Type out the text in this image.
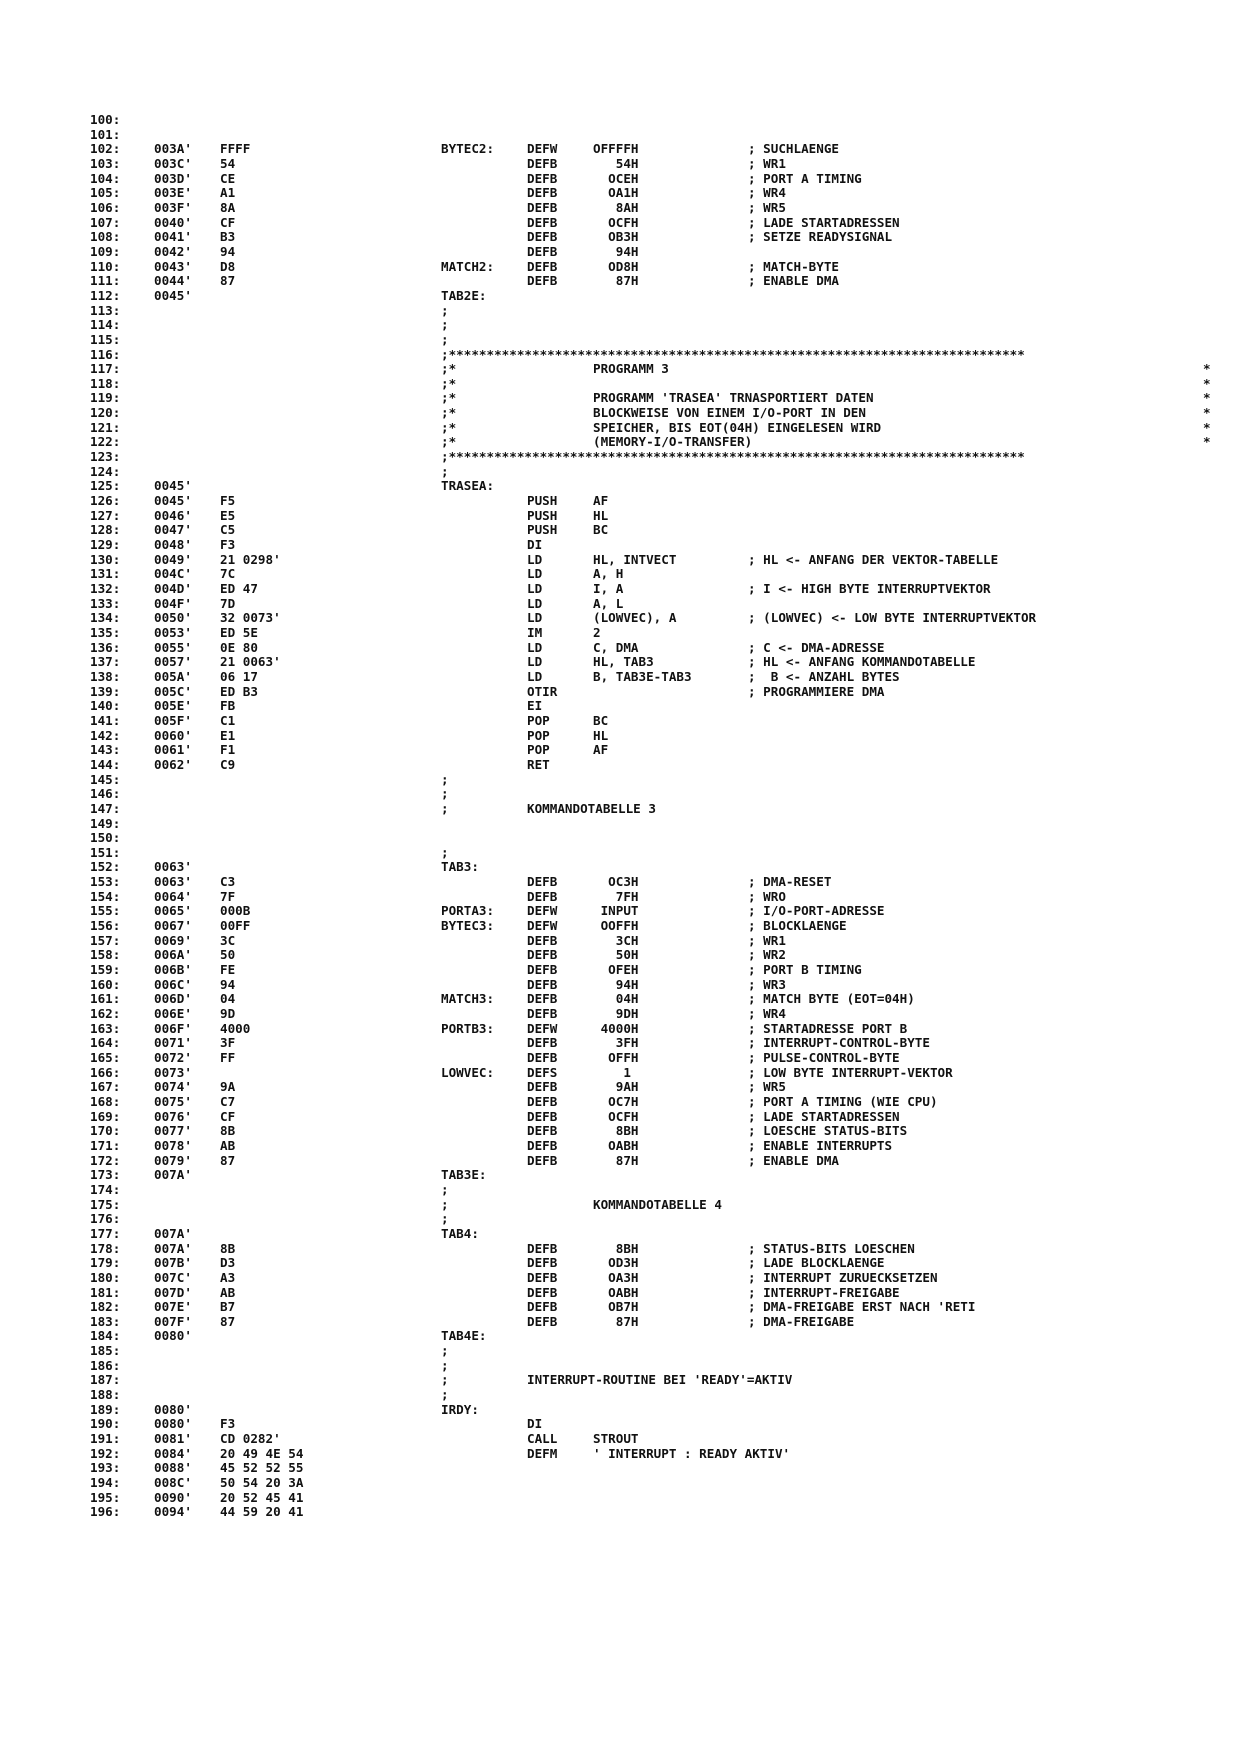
100:
101:
102:	003A' FFFF	BYTEC2:	DEFW	OFFFFH	; SUCHLAENGE
103:	003C' 54	DEFB	54H	; WR1
104:	003D' CE	DEFB	OCEH	; PORT A TIMING
105:	003E' A1	DEFB	OA1H	; WR4
106:	003F' 8A	DEFB	8AH	; WR5
107:	0040' CF	DEFB	OCFH	; LADE STARTADRESSEN
108:	0041' B3	DEFB	OB3H	; SETZE READYSIGNAL
109:	0042' 94	DEFB	94H
110:	0043' D8	MATCH2:	DEFB	OD8H	; MATCH-BYTE
111:	0044' 87	DEFB	87H	; ENABLE DMA
112:	0045'	TAB2E:
113:	;
114:	;
115:	;
116:	;****************************************************************************
117:	;*	PROGRAMM 3	*
118:	;*	*
119:	;*	PROGRAMM 'TRASEA' TRNASPORTIERT DATEN	*
120:	;*	BLOCKWEISE VON EINEM I/O-PORT IN DEN	*
121:	;*	SPEICHER, BIS EOT(04H) EINGELESEN WIRD	*
122:	;*	(MEMORY-I/O-TRANSFER)	*
123:	;****************************************************************************
124:	;
125:	0045'	TRASEA:
126:	0045' F5	PUSH	AF
127:	0046' E5	PUSH	HL
128:	0047' C5	PUSH	BC
129:	0048' F3	DI
130:	0049' 21 0298'	LD	HL, INTVECT	; HL <- ANFANG DER VEKTOR-TABELLE
131:	004C' 7C	LD	A, H
132:	004D' ED 47	LD	I, A	; I <- HIGH BYTE INTERRUPTVEKTOR
133:	004F' 7D	LD	A, L
134:	0050' 32 0073'	LD	(LOWVEC), A	; (LOWVEC) <- LOW BYTE INTERRUPTVEKTOR
135:	0053' ED 5E	IM	2
136:	0055' 0E 80	LD	C, DMA	; C <- DMA-ADRESSE
137:	0057' 21 0063'	LD	HL, TAB3	; HL <- ANFANG KOMMANDOTABELLE
138:	005A' 06 17	LD	B, TAB3E-TAB3	;  B <- ANZAHL BYTES
139:	005C' ED B3	OTIR	; PROGRAMMIERE DMA
140:	005E' FB	EI
141:	005F' C1	POP	BC
142:	0060' E1	POP	HL
143:	0061' F1	POP	AF
144:	0062' C9	RET
145:	;
146:	;
147:	;	KOMMANDOTABELLE 3
149:
150:
151:	;
152:	0063'	TAB3:
153:	0063' C3	DEFB	OC3H	; DMA-RESET
154:	0064' 7F	DEFB	7FH	; WRO
155:	0065' 000B	PORTA3:	DEFW	INPUT	; I/O-PORT-ADRESSE
156:	0067' 00FF	BYTEC3:	DEFW	OOFFH	; BLOCKLAENGE
157:	0069' 3C	DEFB	3CH	; WR1
158:	006A' 50	DEFB	50H	; WR2
159:	006B' FE	DEFB	OFEH	; PORT B TIMING
160:	006C' 94	DEFB	94H	; WR3
161:	006D' 04	MATCH3:	DEFB	04H	; MATCH BYTE (EOT=04H)
162:	006E' 9D	DEFB	9DH	; WR4
163:	006F' 4000	PORTB3:	DEFW	4000H	; STARTADRESSE PORT B
164:	0071' 3F	DEFB	3FH	; INTERRUPT-CONTROL-BYTE
165:	0072' FF	DEFB	OFFH	; PULSE-CONTROL-BYTE
166:	0073'	LOWVEC:	DEFS	1	; LOW BYTE INTERRUPT-VEKTOR
167:	0074' 9A	DEFB	9AH	; WR5
168:	0075' C7	DEFB	OC7H	; PORT A TIMING (WIE CPU)
169:	0076' CF	DEFB	OCFH	; LADE STARTADRESSEN
170:	0077' 8B	DEFB	8BH	; LOESCHE STATUS-BITS
171:	0078' AB	DEFB	OABH	; ENABLE INTERRUPTS
172:	0079' 87	DEFB	87H	; ENABLE DMA
173:	007A'	TAB3E:
174:	;
175:	;	KOMMANDOTABELLE 4
176:	;
177:	007A'	TAB4:
178:	007A' 8B	DEFB	8BH	; STATUS-BITS LOESCHEN
179:	007B' D3	DEFB	OD3H	; LADE BLOCKLAENGE
180:	007C' A3	DEFB	OA3H	; INTERRUPT ZURUECKSETZEN
181:	007D' AB	DEFB	OABH	; INTERRUPT-FREIGABE
182:	007E' B7	DEFB	OB7H	; DMA-FREIGABE ERST NACH 'RETI
183:	007F' 87	DEFB	87H	; DMA-FREIGABE
184:	0080'	TAB4E:
185:	;
186:	;
187:	;	INTERRUPT-ROUTINE BEI 'READY'=AKTIV
188:	;
189:	0080'	IRDY:
190:	0080' F3	DI
191:	0081' CD 0282'	CALL	STROUT
192:	0084' 20 49 4E 54	DEFM	' INTERRUPT : READY AKTIV'
193:	0088' 45 52 52 55
194:	008C' 50 54 20 3A
195:	0090' 20 52 45 41
196:	0094' 44 59 20 41
